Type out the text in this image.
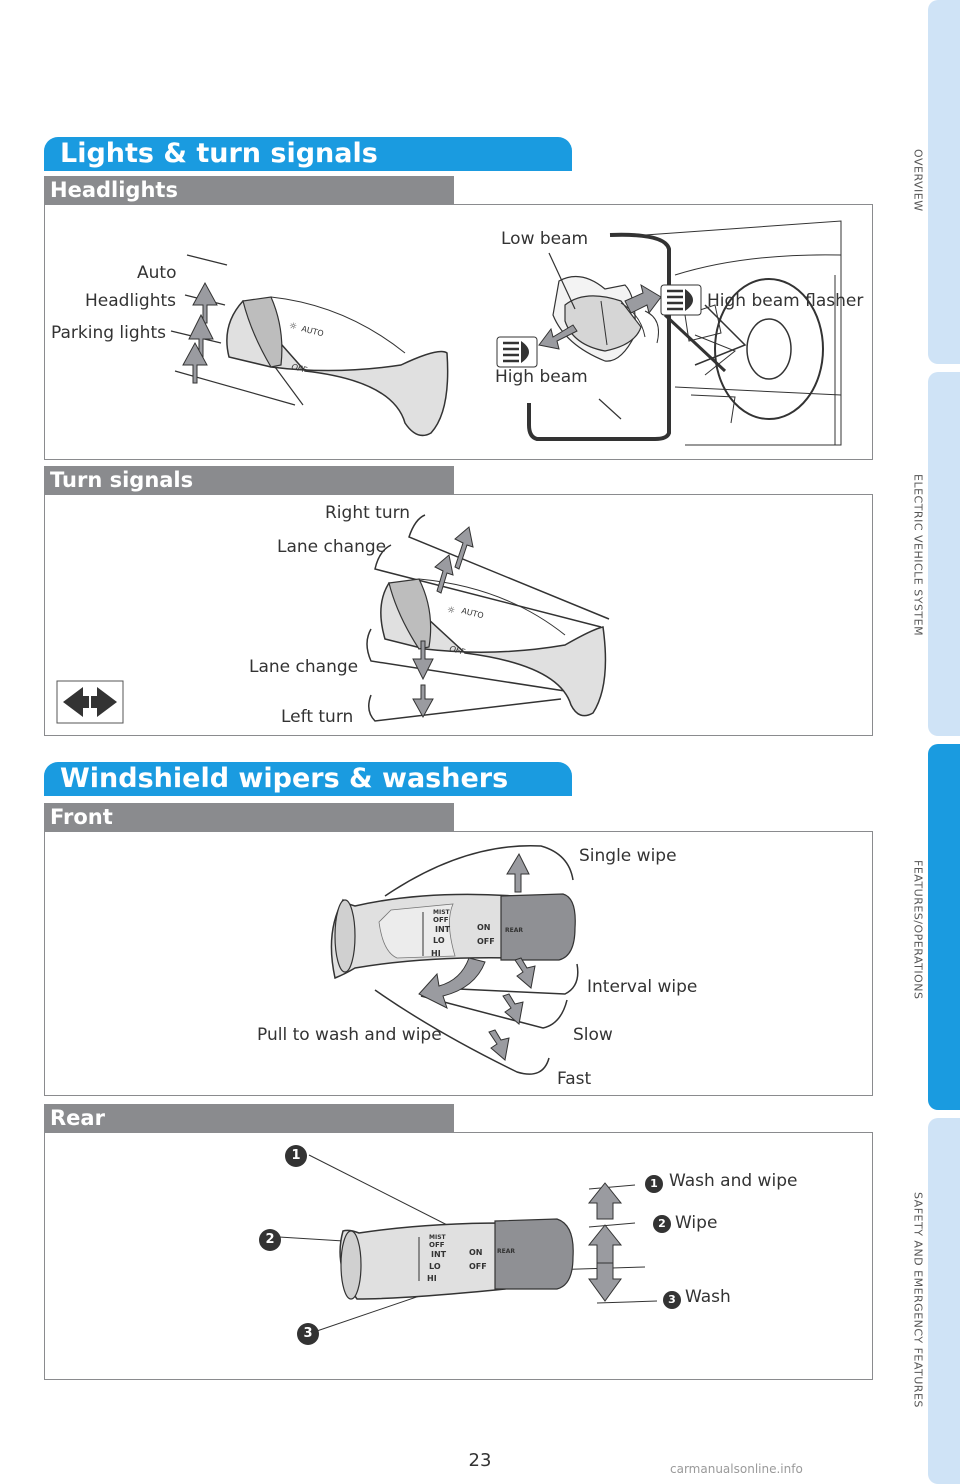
OVERVIEW
ELECTRIC VEHICLE SYSTEM
FEATURES/OPERATIONS
SAFETY AND EMERGENCY FEATURES
Lights & turn signals
Headlights
☼ AUTO
OFF
Auto
Headlights
Parking lights
Low beam
High beam flasher
High beam
Turn signals
☼ AUTO
OFF
Right turn
Lane change
Lane change
Left turn
Windshield wipers & washers
Front
MIST
OFF
INT
LO
HI
ON
OFF
REAR
Single wipe
Interval wipe
Slow
Fast
Pull to wash and wipe
Rear
MIST
OFF
INT
LO
HI
ON
OFF
REAR
1
2
3
1 Wash and wipe
2 Wipe
3 Wash
23	carmanualsonline.info
